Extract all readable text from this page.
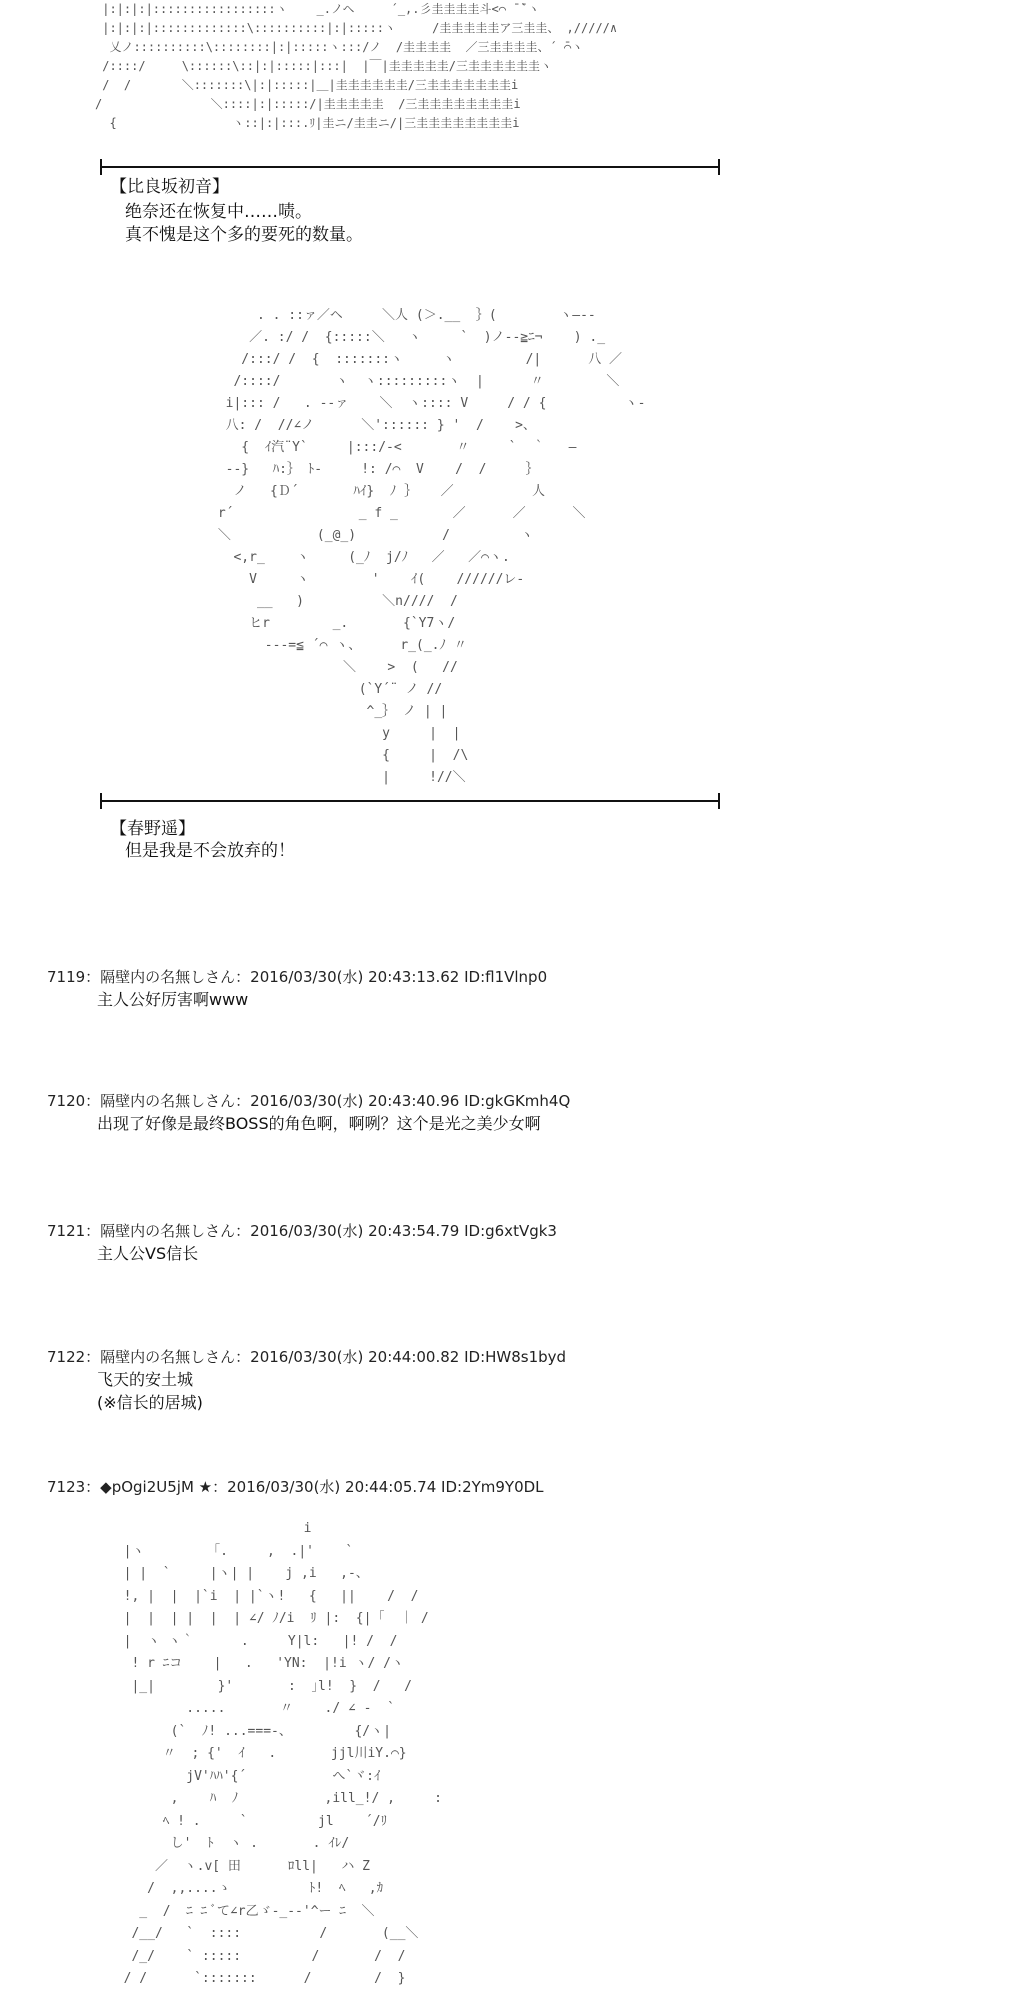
|:|:|:|:::::::::::::::::ヽ    _.ノヘ     ´_,.彡圭圭圭圭斗<⌒ ̄ ̄`ヽ
|:|:|:|:::::::::::::\::::::::::|:|:::::ヽ     /圭圭圭圭圭ア三圭圭、 ,/////∧
乂ノ::::::::::\::::::::|:|:::::ヽ:::/ノ  /圭圭圭圭  ／三圭圭圭圭、´ ̄⌒ヽ
/::::/     \::::::\::|:|:::::|:::|  |￣|圭圭圭圭圭/三圭圭圭圭圭圭ヽ
/  /       ＼:::::::\|:|:::::|＿|圭圭圭圭圭圭/三圭圭圭圭圭圭圭i
/               ＼::::|:|:::::/|圭圭圭圭圭  /三圭圭圭圭圭圭圭圭i
{                ヽ::|:|:::.ﾘ|圭ニ/圭圭ニ/|三圭圭圭圭圭圭圭圭i
【比良坂初音】
绝奈还在恢复中……啧。
真不愧是这个多的要死的数量。
. . ::ァ／ヘ     ＼人 (＞.__  ｝(        ヽ―--
／. :/ /  {:::::＼   ヽ     `  )ノ--≧ﾆ¬    ) ._
/:::/ /  {  :::::::ヽ     ヽ         /|      八 ／
/::::/       ヽ  ヽ:::::::::ヽ  |      〃        ＼
i|::: /   . --ァ    ＼  ヽ:::: V     / / {          ヽ-
八: /  //∠ノ      ＼':::::: } '  /    >、
{  ｲ汽¨Y`     |:::/-<       〃     `  ｀   ―
--}   ﾊ:｝ ﾄ-     !: /⌒  V    /  /     ｝
ノ   {Ｄ´       ﾊｲ}  ﾉ ｝   ／          人
r´                _ f _       ／      ／      ＼
＼           (_@_)           /         ヽ
<,r_    ヽ     (_ﾉ  j/ﾉ   ／   ／⌒ヽ.
V     ヽ        '    ｲ(    //////レ-
__   )          ＼n////  /
ヒr        _.       {`Y7ヽ/
---=≦ ´⌒ ヽ、     r_(_.ﾉ 〃
＼    >  (   //
(`Y´¨ ノ //
^_｝ ノ | |
y     |  |
{     |  /\
|     !//＼
【春野遥】
但是我是不会放弃的！
7119：隔壁内の名無しさん：2016/03/30(水) 20:43:13.62 ID:fl1Vlnp0
主人公好厉害啊www
7120：隔壁内の名無しさん：2016/03/30(水) 20:43:40.96 ID:gkGKmh4Q
出现了好像是最终BOSS的角色啊，啊咧？这个是光之美少女啊
7121：隔壁内の名無しさん：2016/03/30(水) 20:43:54.79 ID:g6xtVgk3
主人公VS信长
7122：隔壁内の名無しさん：2016/03/30(水) 20:44:00.82 ID:HW8s1byd
飞天的安土城
(※信长的居城)
7123：◆pOgi2U5jM ★：2016/03/30(水) 20:44:05.74 ID:2Ym9Y0DL
i
|ヽ        「.     ,  .|'    `
| |  `     |ヽ| |    j ,i   ,-、
!, |  |  |`i  | |`ヽ!   {   ||    /  /
|  |  | |  |  | ∠/ ﾉ/i  ﾘ |:  {|「  ｜ /
|  ヽ ヽ｀      .     Y|l:   |! /  /
! r ﾆコ    |   .   'YN:  |!i ヽ/ /ヽ
|_|        }'       :  ｣l!  }  /   /
.....       〃    ./ ∠ -  `
(`  ﾉ! ...===-、        {/ヽ|
〃  ; {'  ｲ   .       jjl川iY.⌒}
jV'ﾊﾊ'{´           へ`ヾ:ｲ
,    ﾊ  ﾉ           ,ill_!/ ,     :
ﾍ ! .     `         jl    ´/ﾘ
し'  ﾄ  ヽ .       . ｲﾚ/
／  ヽ.v[ 田      ﾛll|   ハ Z
/  ,,....ゝ          ﾄ!  ﾍ   ,ｶ
_  /  ﾆ ﾆ ﾞて∠r乙ゞ-_--'^ー ﾆ  ＼
/__/   `  ::::          /       (__＼
/_/    ` :::::         /       /  /
/ /      `:::::::      /        /  }
